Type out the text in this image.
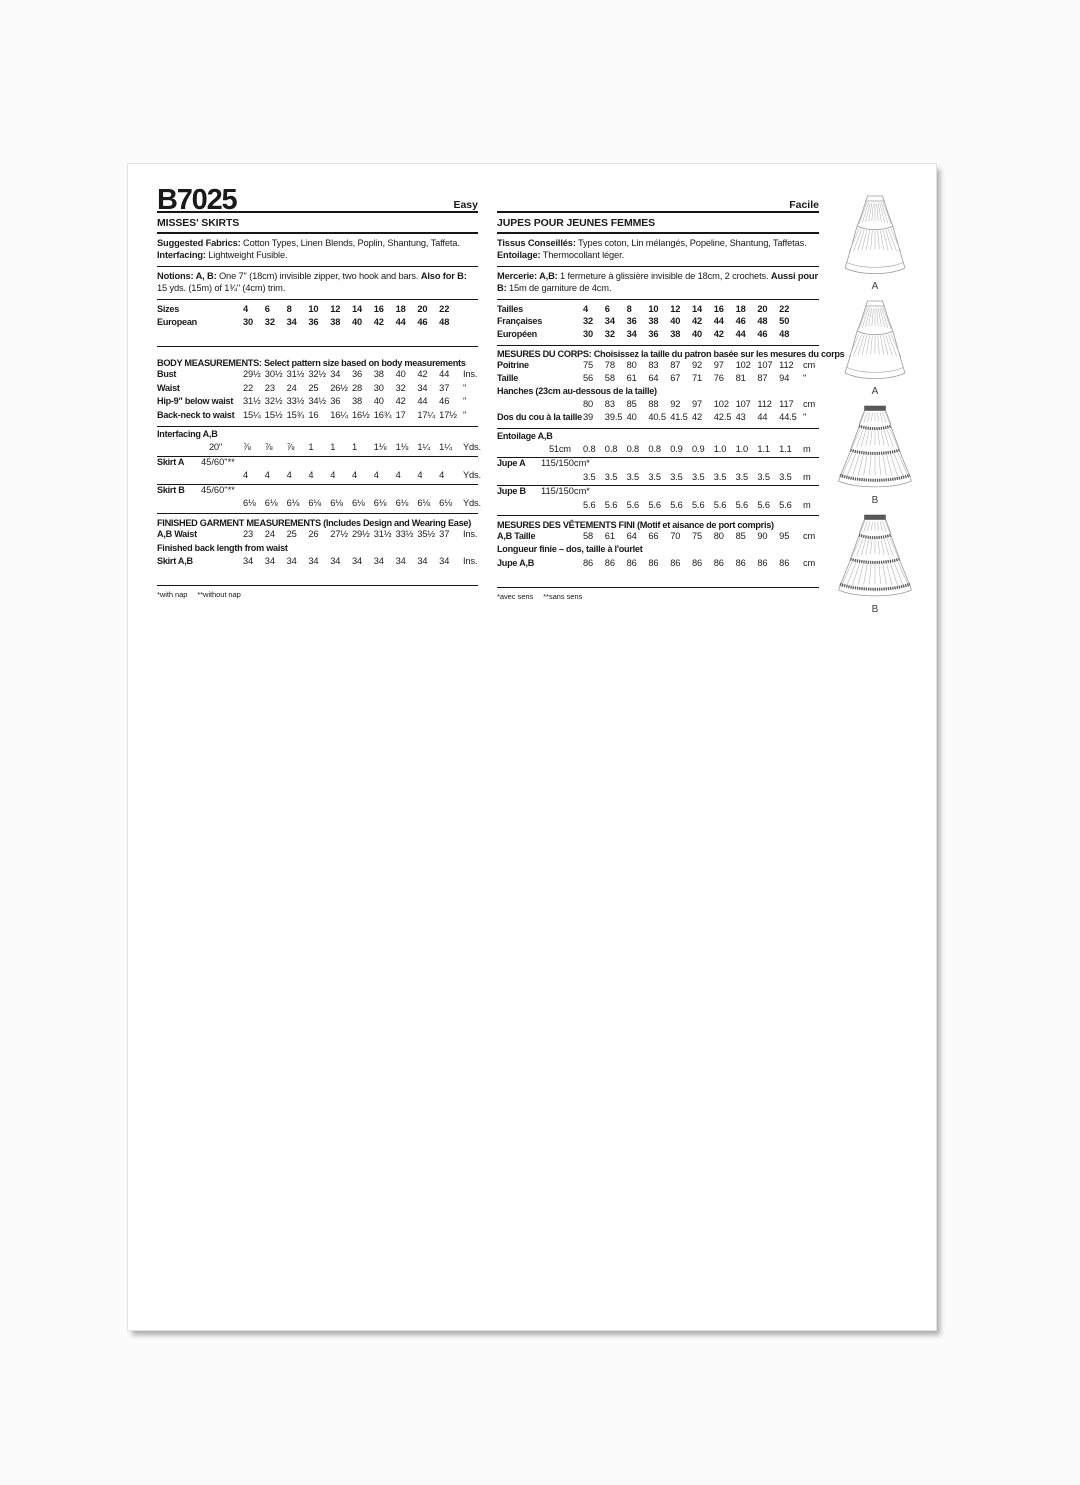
B7025	Easy
MISSES' SKIRTS
Suggested Fabrics: Cotton Types, Linen Blends, Poplin, Shantung, Taffeta. Interfacing: Lightweight Fusible.
Notions: A, B: One 7" (18cm) invisible zipper, two hook and bars. Also for B: 15 yds. (15m) of 1¾" (4cm) trim.
Sizes	4	6	8	10	12	14	16	18	20	22
European	30	32	34	36	38	40	42	44	46	48
BODY MEASUREMENTS: Select pattern size based on body measurements
Bust	29½ 30½ 31½ 32½ 34	36	38	40	42	44	Ins.
Waist	22	23	24	25	26½ 28	30	32	34	37	"
Hip-9" below waist	31½ 32½ 33½ 34½ 36	38	40	42	44	46	"
Back-neck to waist 15¼ 15½ 15¾ 16	16¼ 16½ 16¾ 17	17¼ 17½ "
Interfacing A,B
20"	⅞	⅞	⅞	1	1	1	1⅛ 1⅛ 1¼ 1¼	Yds.
Skirt A	45/60"**
4	4	4	4	4	4	4	4	4	4	Yds.
Skirt B	45/60"**
6⅛ 6⅛ 6⅛ 6⅛ 6⅛ 6⅛ 6⅛ 6⅛ 6⅛ 6⅛	Yds.
FINISHED GARMENT MEASUREMENTS (Includes Design and Wearing Ease)
A,B Waist	23	24	25	26	27½ 29½ 31½ 33½ 35½ 37	Ins.
Finished back length from waist
Skirt A,B	34	34	34	34	34	34	34	34	34	34	Ins.
*with nap **without nap
Facile
JUPES POUR JEUNES FEMMES
Tissus Conseillés: Types coton, Lin mélangés, Popeline, Shantung, Taffetas. Entoilage: Thermocollant léger.
Mercerie: A,B: 1 fermeture à glissière invisible de 18cm, 2 crochets. Aussi pour B: 15m de garniture de 4cm.
Tailles	4	6	8	10	12	14	16	18	20	22
Françaises	32	34	36	38	40	42	44	46	48	50
Européen	30	32	34	36	38	40	42	44	46	48
MESURES DU CORPS: Choisissez la taille du patron basée sur les mesures du corps
Poitrine	75	78	80	83	87	92	97	102 107 112	cm
Taille	56	58	61	64	67	71	76	81	87	94	"
Hanches (23cm au-dessous de la taille)
80	83	85	88	92	97	102 107 112 117	cm
Dos du cou à la taille 39	39.5 40	40.5 41.5 42	42.5 43	44	44.5 "
Entoilage A,B
51cm	0.8	0.8	0.8	0.8	0.9	0.9	1.0	1.0	1.1	1.1	m
Jupe A	115/150cm*
3.5	3.5	3.5	3.5	3.5	3.5	3.5	3.5	3.5	3.5	m
Jupe B	115/150cm*
5.6	5.6	5.6	5.6	5.6	5.6	5.6	5.6	5.6	5.6	m
MESURES DES VÊTEMENTS FINI (Motif et aisance de port compris)
A,B Taille	58	61	64	66	70	75	80	85	90	95	cm
Longueur finie – dos, taille à l'ourlet
Jupe A,B	86	86	86	86	86	86	86	86	86	86	cm
*avec sens **sans sens
A
A
B
B
